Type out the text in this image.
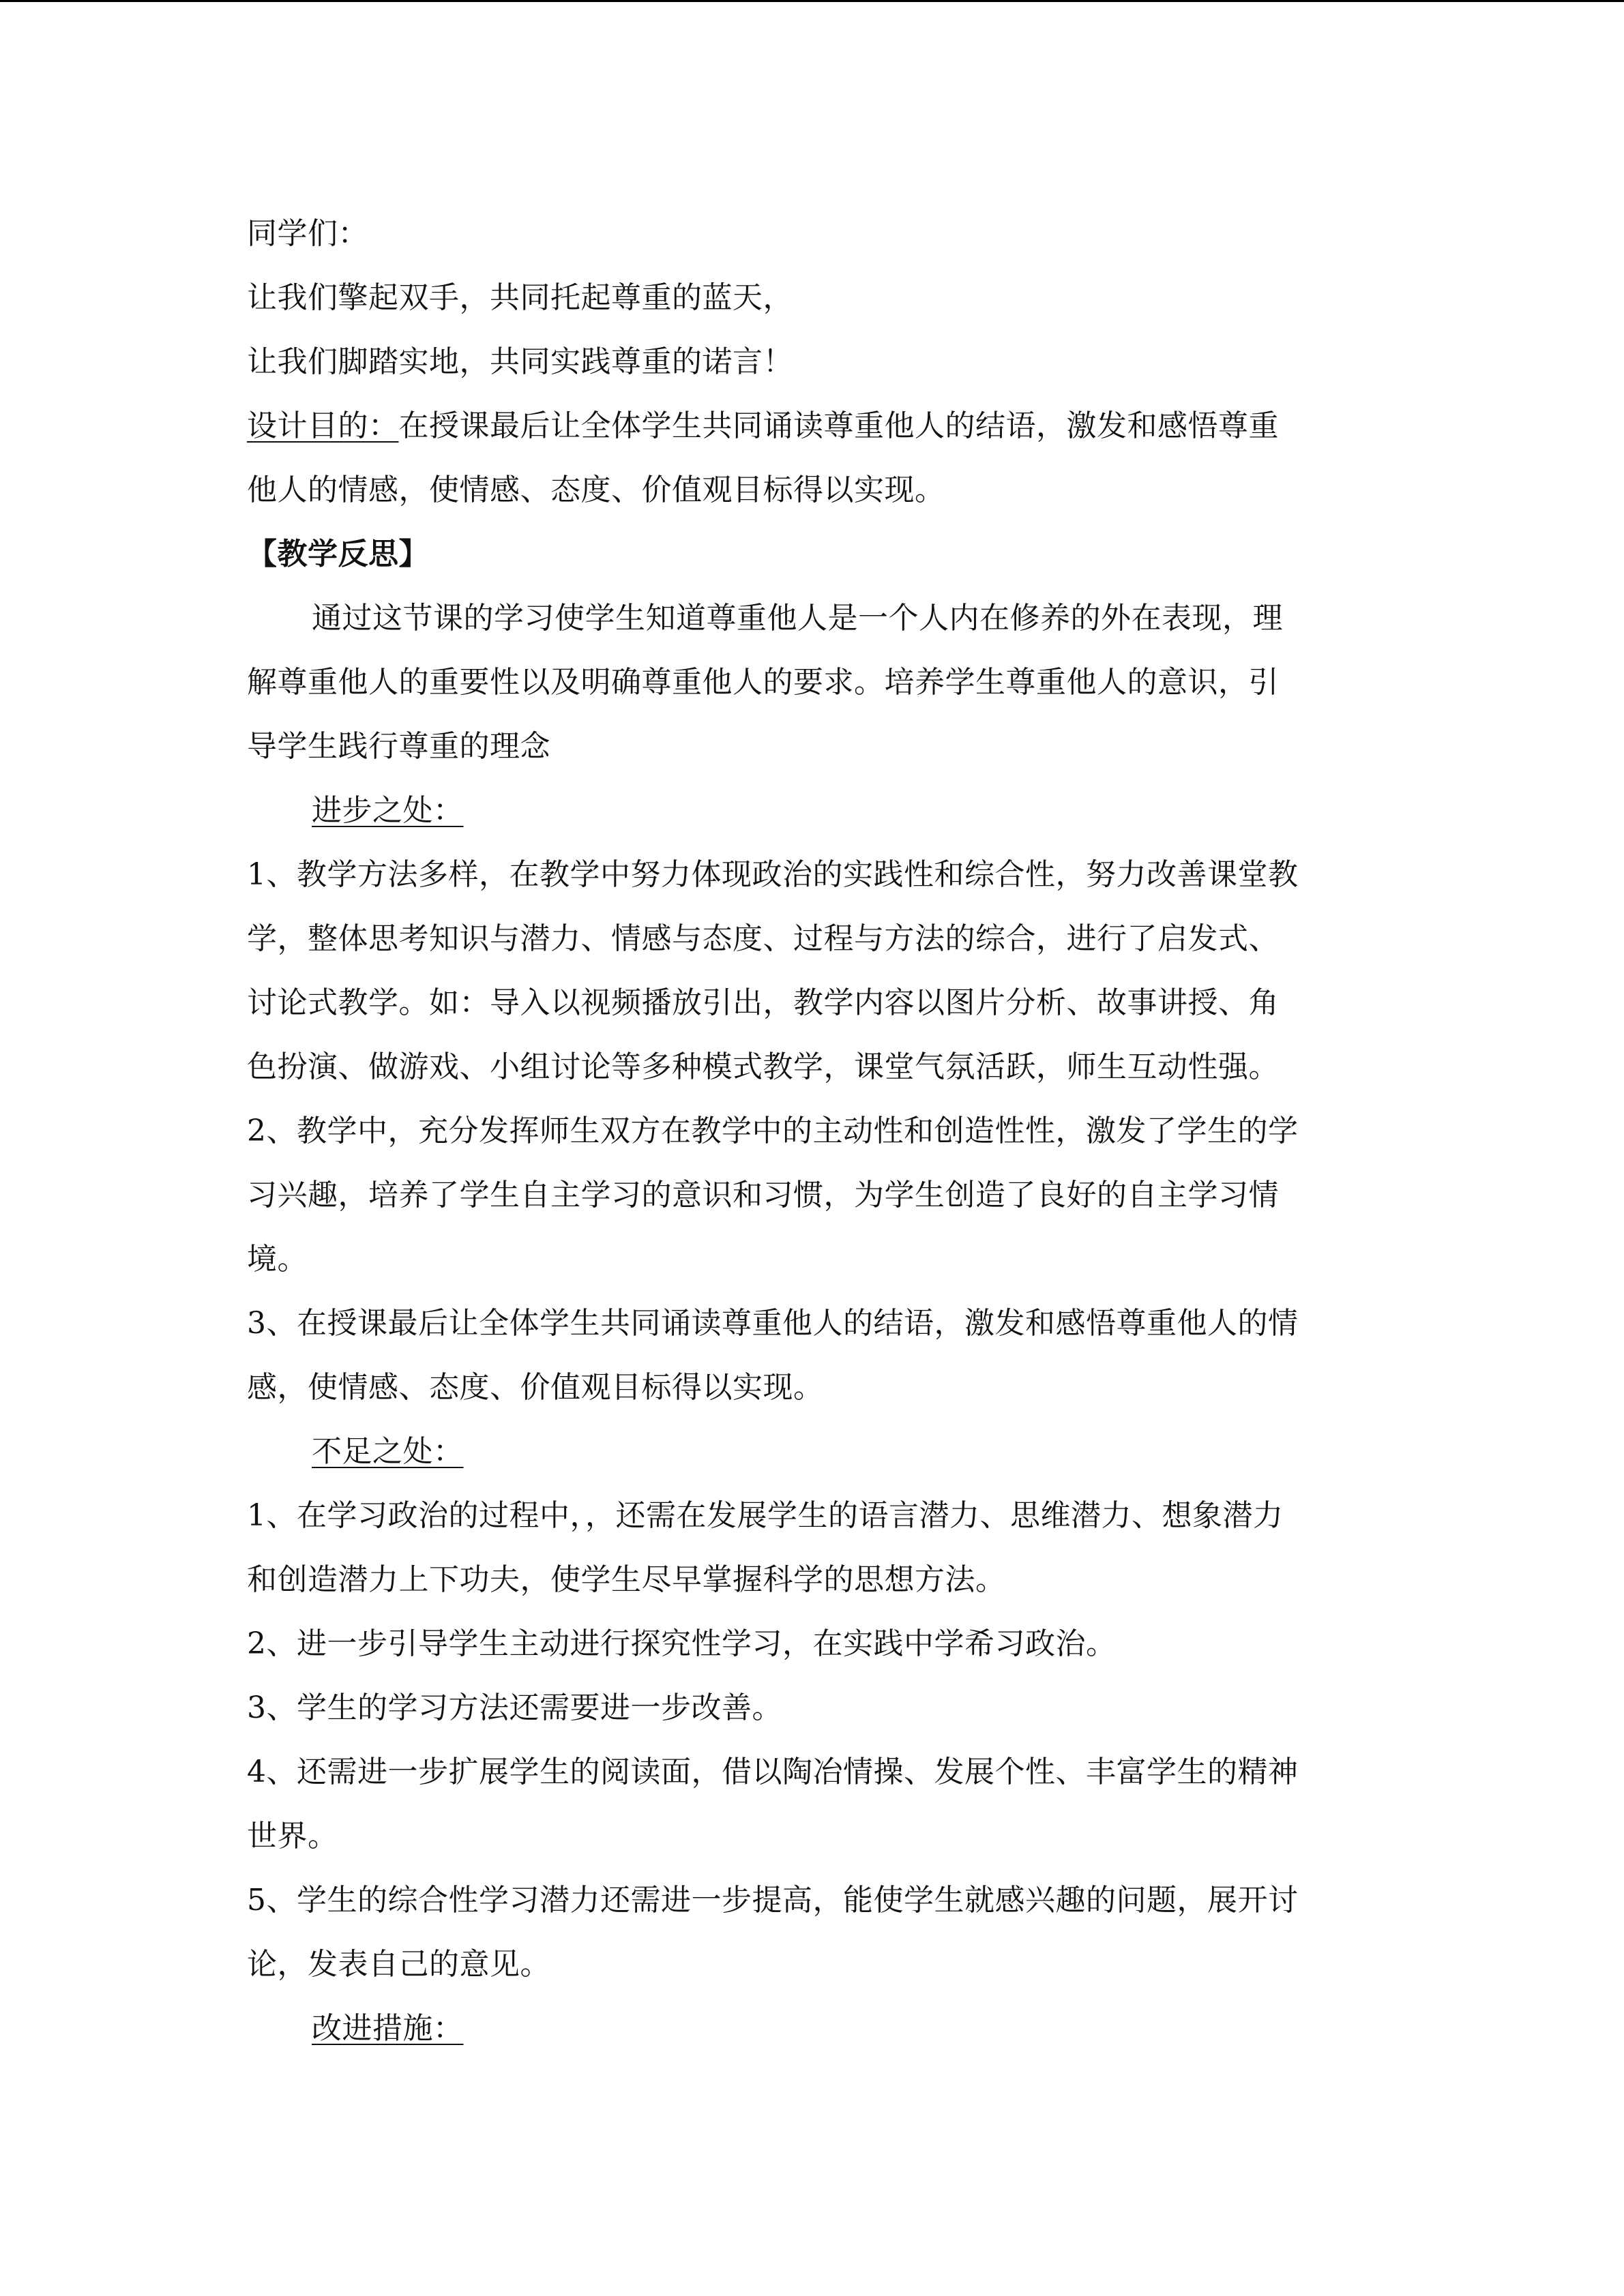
同学们：
让我们擎起双手，共同托起尊重的蓝天，
让我们脚踏实地，共同实践尊重的诺言！
设计目的：在授课最后让全体学生共同诵读尊重他人的结语，激发和感悟尊重
他人的情感，使情感、态度、价值观目标得以实现。
【教学反思】
通过这节课的学习使学生知道尊重他人是一个人内在修养的外在表现，理
解尊重他人的重要性以及明确尊重他人的要求。培养学生尊重他人的意识，引
导学生践行尊重的理念
进步之处：
1、教学方法多样，在教学中努力体现政治的实践性和综合性，努力改善课堂教
学，整体思考知识与潜力、情感与态度、过程与方法的综合，进行了启发式、
讨论式教学。如：导入以视频播放引出，教学内容以图片分析、故事讲授、角
色扮演、做游戏、小组讨论等多种模式教学，课堂气氛活跃，师生互动性强。
2、教学中，充分发挥师生双方在教学中的主动性和创造性性，激发了学生的学
习兴趣，培养了学生自主学习的意识和习惯，为学生创造了良好的自主学习情
境。
3、在授课最后让全体学生共同诵读尊重他人的结语，激发和感悟尊重他人的情
感，使情感、态度、价值观目标得以实现。
不足之处：
1、在学习政治的过程中，，还需在发展学生的语言潜力、思维潜力、想象潜力
和创造潜力上下功夫，使学生尽早掌握科学的思想方法。
2、进一步引导学生主动进行探究性学习，在实践中学希习政治。
3、学生的学习方法还需要进一步改善。
4、还需进一步扩展学生的阅读面，借以陶冶情操、发展个性、丰富学生的精神
世界。
5、学生的综合性学习潜力还需进一步提高，能使学生就感兴趣的问题，展开讨
论，发表自己的意见。
改进措施：
